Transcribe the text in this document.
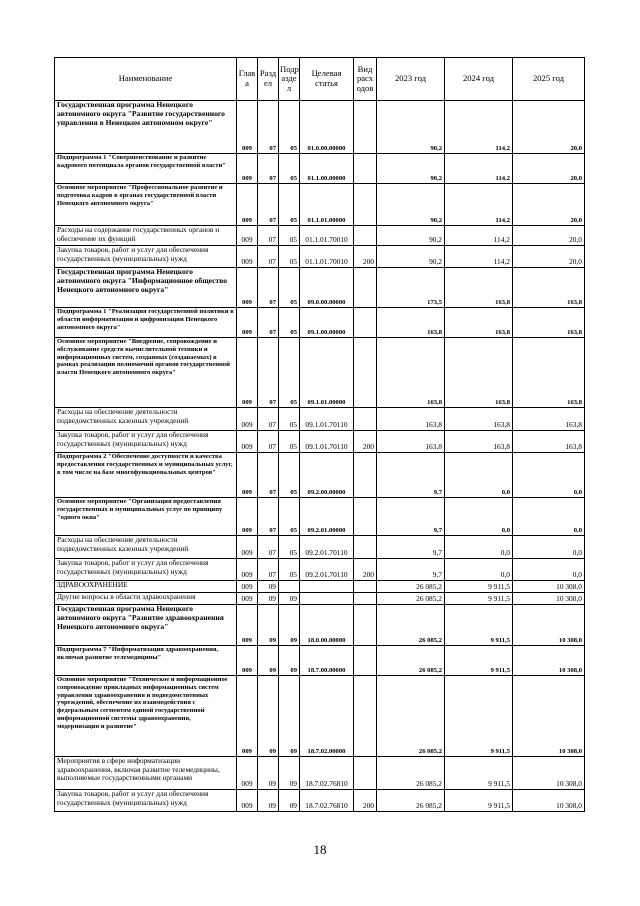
Наименование	Глав а	Разд ел	Подр азде л	Целевая статья	Вид расх одов	2023 год	2024 год	2025 год
Государственная программа Ненецкого автономного округа "Развитие государственного управления в Ненецком автономном округе"	009	07	05	01.0.00.00000		90,2	114,2	20,0
Подпрограмма 1 "Совершенствование и развитие кадрового потенциала органов государственной власти"	009	07	05	01.1.00.00000		90,2	114,2	20,0
Основное мероприятие "Профессиональное развитие и подготовка кадров в органах государственной власти Ненецкого автономного округа"	009	07	05	01.1.01.00000		90,2	114,2	20,0
Расходы на содержание государственных органов и обеспечение их функций	009	07	05	01.1.01.70010		90,2	114,2	20,0
Закупка товаров, работ и услуг для обеспечения государственных (муниципальных) нужд	009	07	05	01.1.01.70010	200	90,2	114,2	20,0
Государственная программа Ненецкого автономного округа "Информационное общество Ненецкого автономного округа"	009	07	05	09.0.00.00000		173,5	163,8	163,8
Подпрограмма 1 "Реализация государственной политики в области информатизации и цифровизации Ненецкого автономного округа"	009	07	05	09.1.00.00000		163,8	163,8	163,8
Основное мероприятие "Внедрение, сопровождение и обслуживание средств вычислительной техники и информационных систем, созданных (создаваемых) в рамках реализации полномочий органов государственной власти Ненецкого автономного округа"	009	07	05	09.1.01.00000		163,8	163,8	163,8
Расходы на обеспечение деятельности подведомственных казенных учреждений	009	07	05	09.1.01.70110		163,8	163,8	163,8
Закупка товаров, работ и услуг для обеспечения государственных (муниципальных) нужд	009	07	05	09.1.01.70110	200	163,8	163,8	163,8
Подпрограмма 2 "Обеспечение доступности и качества предоставления государственных и муниципальных услуг, в том числе на базе многофункциональных центров"	009	07	05	09.2.00.00000		9,7	0,0	0,0
Основное мероприятие "Организация предоставления государственных и муниципальных услуг по принципу "одного окна"	009	07	05	09.2.01.00000		9,7	0,0	0,0
Расходы на обеспечение деятельности подведомственных казенных учреждений	009	07	05	09.2.01.70110		9,7	0,0	0,0
Закупка товаров, работ и услуг для обеспечения государственных (муниципальных) нужд	009	07	05	09.2.01.70110	200	9,7	0,0	0,0
ЗДРАВООХРАНЕНИЕ	009	09				26 085,2	9 911,5	10 308,0
Другие вопросы в области здравоохранения	009	09	09			26 085,2	9 911,5	10 308,0
Государственная программа Ненецкого автономного округа "Развитие здравоохранения Ненецкого автономного округа"	009	09	09	18.0.00.00000		26 085,2	9 911,5	10 308,0
Подпрограмма 7 "Информатизация здравоохранения, включая развитие телемедицины"	009	09	09	18.7.00.00000		26 085,2	9 911,5	10 308,0
Основное мероприятие "Техническое и информационное сопровождение прикладных информационных систем управления здравоохранения и подведомственных учреждений, обеспечение их взаимодействия с федеральным сегментом единой государственной информационной системы здравоохранения, модернизация и развитие"	009	09	09	18.7.02.00000		26 085,2	9 911,5	10 308,0
Мероприятия в сфере информатизации здравоохранения, включая развитие телемедицины, выполняемые государственными органами	009	09	09	18.7.02.76810		26 085,2	9 911,5	10 308,0
Закупка товаров, работ и услуг для обеспечения государственных (муниципальных) нужд	009	09	09	18.7.02.76810	200	26 085,2	9 911,5	10 308,0
18
